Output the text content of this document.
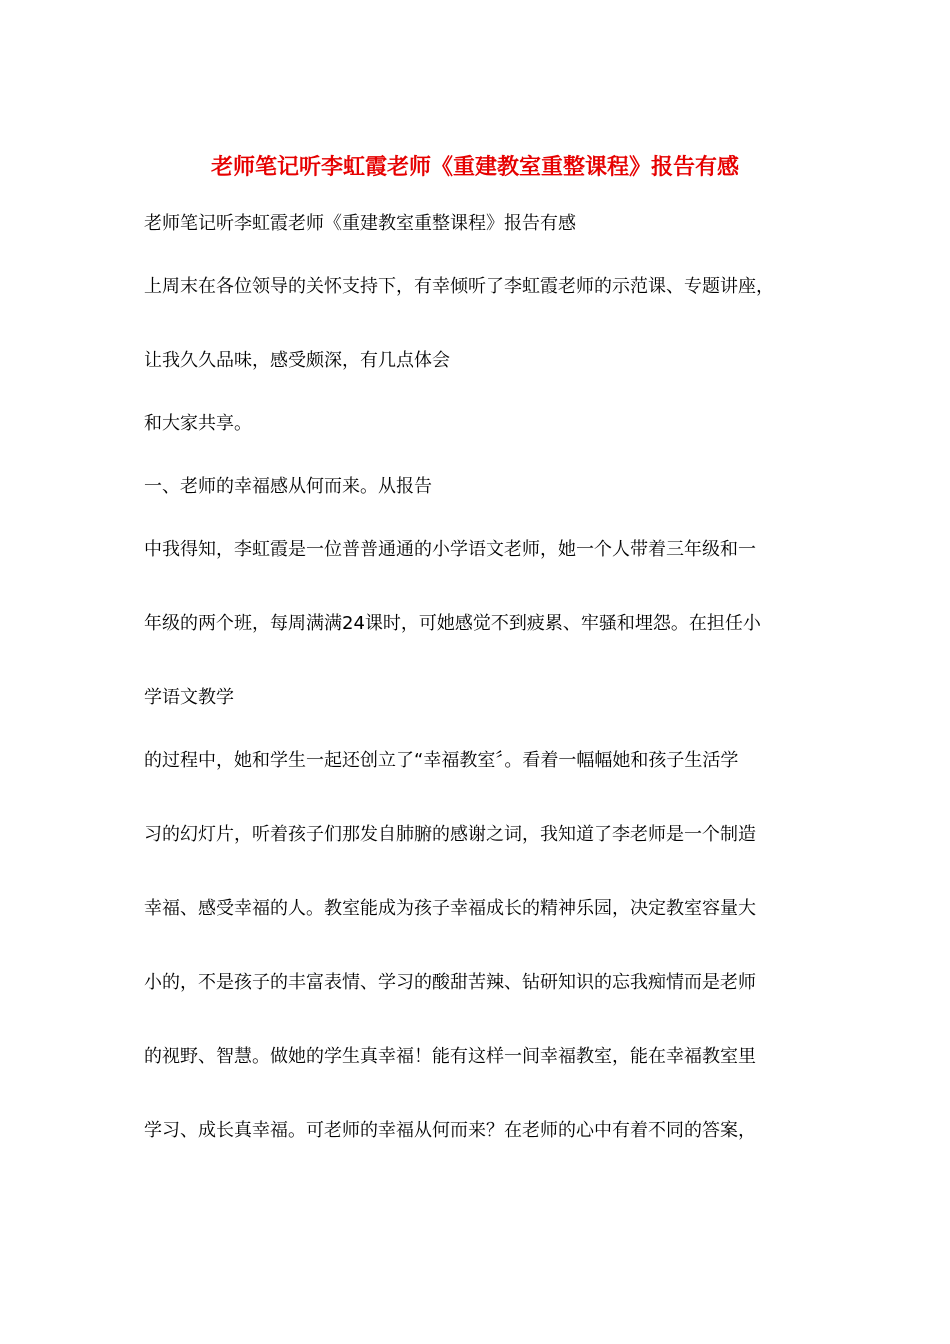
老师笔记听李虹霞老师《重建教室重整课程》报告有感
老师笔记听李虹霞老师《重建教室重整课程》报告有感
上周末在各位领导的关怀支持下，有幸倾听了李虹霞老师的示范课、专题讲座，
让我久久品味，感受颇深，有几点体会
和大家共享。
一、老师的幸福感从何而来。从报告
中我得知，李虹霞是一位普普通通的小学语文老师，她一个人带着三年级和一
年级的两个班，每周满满24课时，可她感觉不到疲累、牢骚和埋怨。在担任小
学语文教学
的过程中，她和学生一起还创立了“幸福教室〞。看着一幅幅她和孩子生活学
习的幻灯片，听着孩子们那发自肺腑的感谢之词，我知道了李老师是一个制造
幸福、感受幸福的人。教室能成为孩子幸福成长的精神乐园，决定教室容量大
小的，不是孩子的丰富表情、学习的酸甜苦辣、钻研知识的忘我痴情而是老师
的视野、智慧。做她的学生真幸福！能有这样一间幸福教室，能在幸福教室里
学习、成长真幸福。可老师的幸福从何而来？在老师的心中有着不同的答案，
